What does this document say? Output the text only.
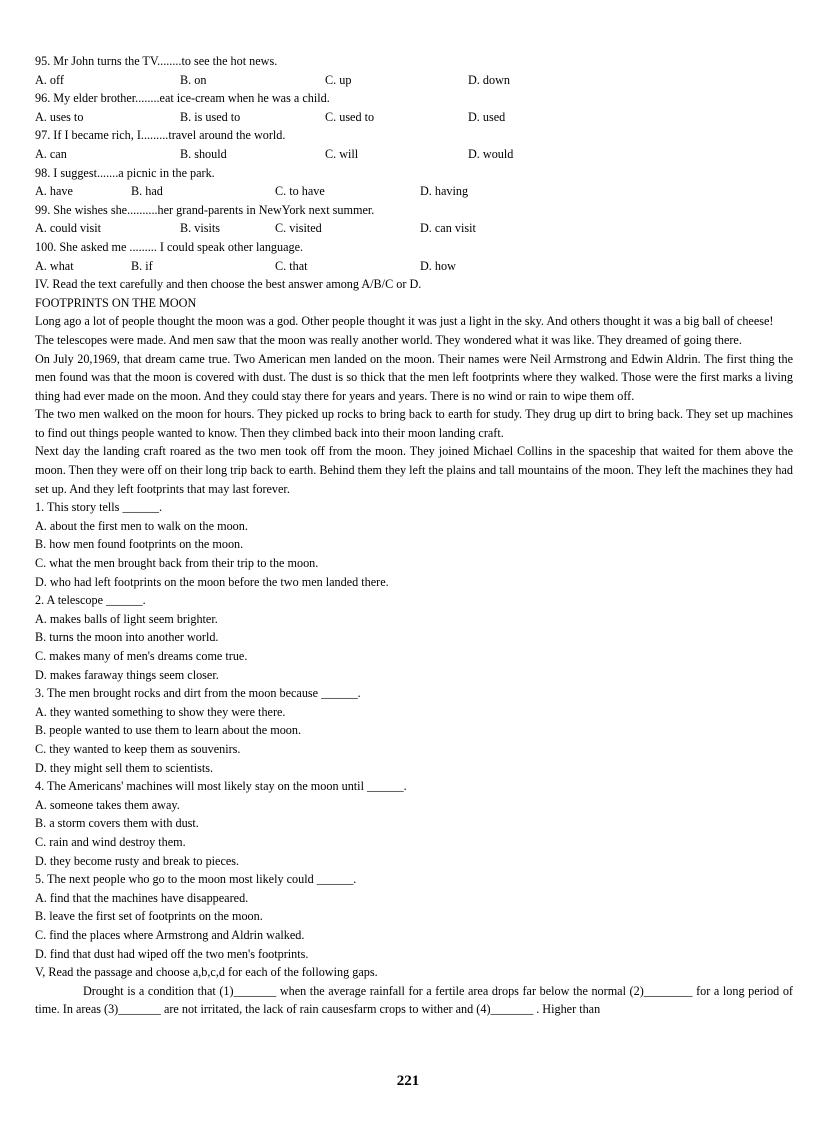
95. Mr John turns the TV........to see the hot news.
A. off	B. on	C. up	D. down
96. My elder brother........eat ice-cream when he was a child.
A. uses to	B. is used to	C. used to	D. used
97. If I became rich, I.........travel around the world.
A. can	B. should	C. will	D. would
98. I suggest.......a picnic in the park.
A. have	B. had	C. to have	D. having
99. She wishes she..........her grand-parents in NewYork next summer.
A. could visit	B. visits	C. visited	D. can visit
100. She asked me ......... I could speak other language.
A. what	B. if	C. that	D. how
IV. Read the text carefully and then choose the best answer among A/B/C or D.
FOOTPRINTS ON THE MOON
Long ago a lot of people thought the moon was a god. Other people thought it was just a light in the sky. And others thought it was a big ball of cheese!
The telescopes were made. And men saw that the moon was really another world. They wondered what it was like. They dreamed of going there.
On July 20,1969, that dream came true. Two American men landed on the moon. Their names were Neil Armstrong and Edwin Aldrin. The first thing the men found was that the moon is covered with dust. The dust is so thick that the men left footprints where they walked. Those were the first marks a living thing had ever made on the moon. And they could stay there for years and years. There is no wind or rain to wipe them off.
The two men walked on the moon for hours. They picked up rocks to bring back to earth for study. They drug up dirt to bring back. They set up machines to find out things people wanted to know. Then they climbed back into their moon landing craft.
Next day the landing craft roared as the two men took off from the moon. They joined Michael Collins in the spaceship that waited for them above the moon. Then they were off on their long trip back to earth. Behind them they left the plains and tall mountains of the moon. They left the machines they had set up. And they left footprints that may last forever.
1. This story tells ______.
A. about the first men to walk on the moon.
B. how men found footprints on the moon.
C. what the men brought back from their trip to the moon.
D. who had left footprints on the moon before the two men landed there.
2. A telescope ______.
A. makes balls of light seem brighter.
B. turns the moon into another world.
C. makes many of men's dreams come true.
D. makes faraway things seem closer.
3. The men brought rocks and dirt from the moon because ______.
A. they wanted something to show they were there.
B. people wanted to use them to learn about the moon.
C. they wanted to keep them as souvenirs.
D. they might sell them to scientists.
4. The Americans' machines will most likely stay on the moon until ______.
A. someone takes them away.
B. a storm covers them with dust.
C. rain and wind destroy them.
D. they become rusty and break to pieces.
5. The next people who go to the moon most likely could ______.
A. find that the machines have disappeared.
B. leave the first set of footprints on the moon.
C. find the places where Armstrong and Aldrin walked.
D. find that dust had wiped off the two men's footprints.
V, Read the passage and choose a,b,c,d for each of the following gaps.
Drought is a condition that (1)_______ when the average rainfall for a fertile area drops far below the normal (2)________ for a long period of time. In areas (3)_______ are not irritated, the lack of rain causesfarm crops to wither and (4)_______ . Higher than
221
